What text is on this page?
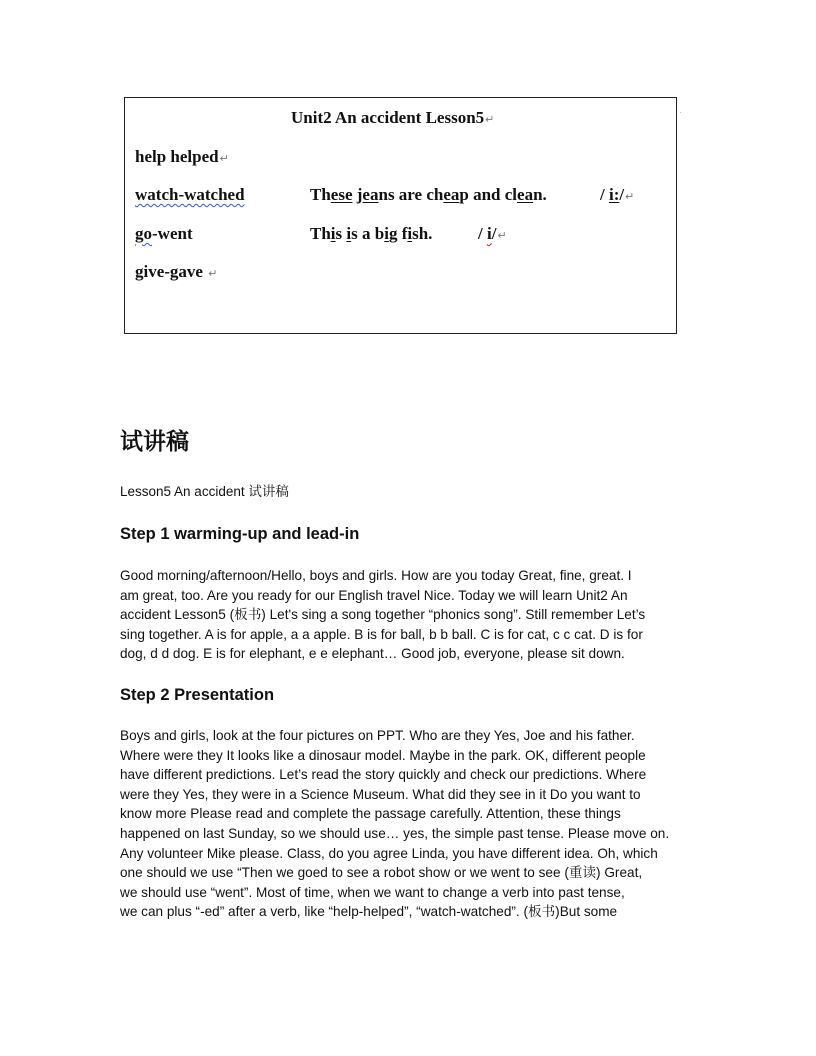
Unit2 An accident Lesson5↵
help helped↵
watch-watched	These jeans are cheap and clean.	/ i:/↵
go-went	This is a big fish.	/ i/↵
give-gave ↵
·
试讲稿

Lesson5 An accident 试讲稿

Step 1 warming-up and lead-in

Good morning/afternoon/Hello, boys and girls. How are you today Great, fine, great. I
am great, too. Are you ready for our English travel Nice. Today we will learn Unit2 An
accident Lesson5 (板书) Let's sing a song together “phonics song”. Still remember Let’s
sing together. A is for apple, a a apple. B is for ball, b b ball. C is for cat, c c cat. D is for
dog, d d dog. E is for elephant, e e elephant… Good job, everyone, please sit down.

Step 2 Presentation

Boys and girls, look at the four pictures on PPT. Who are they Yes, Joe and his father.
Where were they It looks like a dinosaur model. Maybe in the park. OK, different people
have different predictions. Let’s read the story quickly and check our predictions. Where
were they Yes, they were in a Science Museum. What did they see in it Do you want to
know more Please read and complete the passage carefully. Attention, these things
happened on last Sunday, so we should use… yes, the simple past tense. Please move on.
Any volunteer Mike please. Class, do you agree Linda, you have different idea. Oh, which
one should we use “Then we goed to see a robot show or we went to see (重读) Great,
we should use “went”. Most of time, when we want to change a verb into past tense,
we can plus “-ed” after a verb, like “help-helped”, “watch-watched”. (板书)But some
